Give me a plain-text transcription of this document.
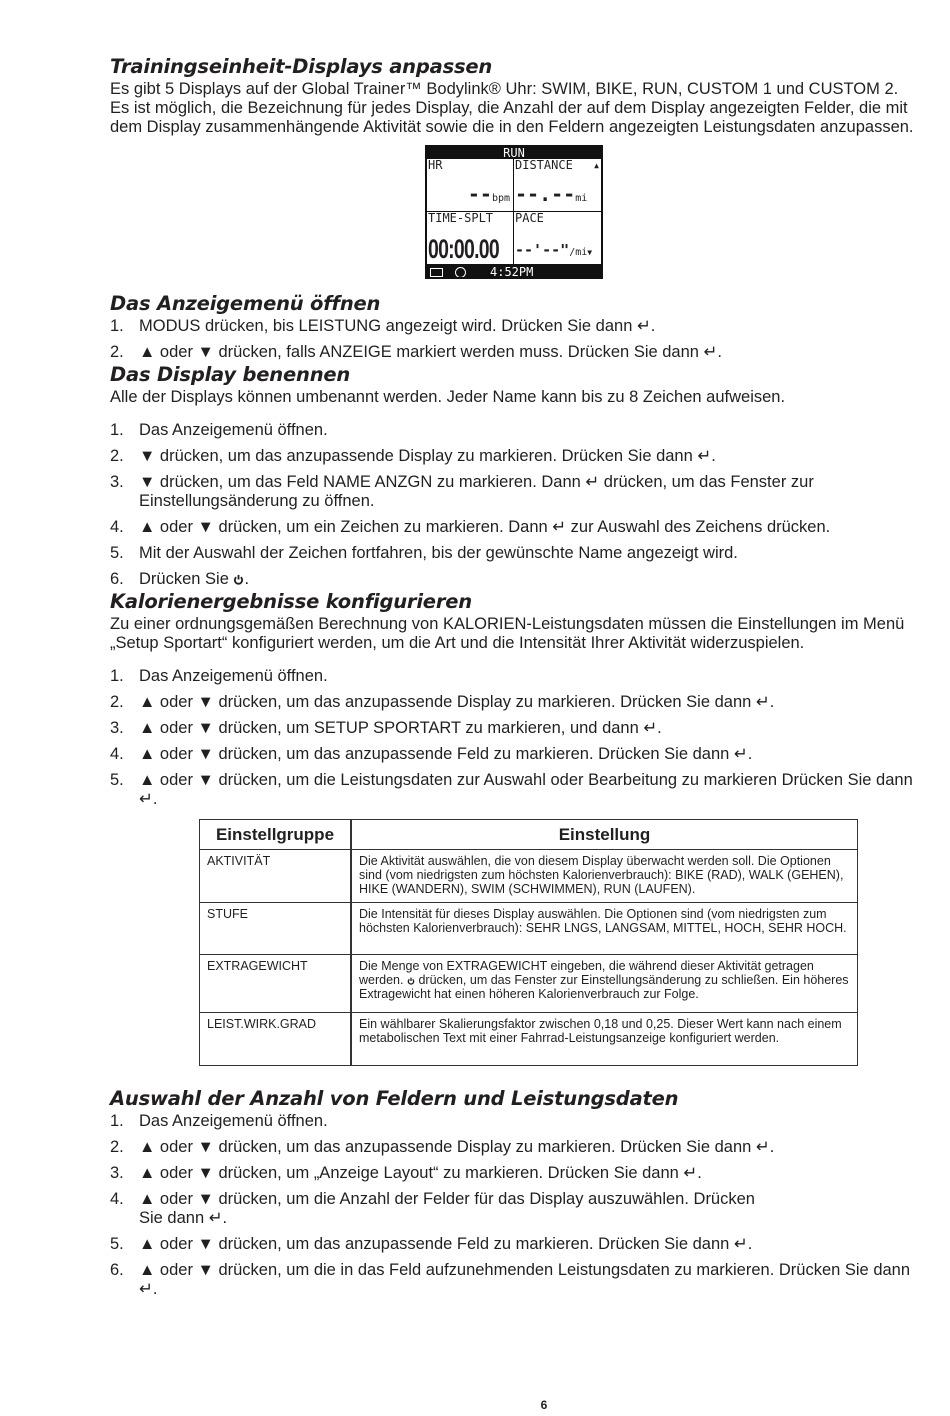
Trainingseinheit-Displays anpassen

Es gibt 5 Displays auf der Global Trainer™ Bodylink® Uhr: SWIM, BIKE, RUN, CUSTOM 1 und CUSTOM 2. Es ist möglich, die Bezeichnung für jedes Display, die Anzahl der auf dem Display angezeigten Felder, die mit dem Display zusammenhängende Aktivität sowie die in den Feldern angezeigten Leistungsdaten anzupassen.

RUN
HR
--bpm
DISTANCE	▲
--.--mi
TIME-SPLT
00:00.00
PACE
--'--"/mi▼
4:52PM
Das Anzeigemenü öffnen
1. MODUS drücken, bis LEISTUNG angezeigt wird. Drücken Sie dann ↵.
2. ▲ oder ▼ drücken, falls ANZEIGE markiert werden muss. Drücken Sie dann ↵.
Das Display benennen

Alle der Displays können umbenannt werden. Jeder Name kann bis zu 8 Zeichen aufweisen.

1. Das Anzeigemenü öffnen.
2. ▼ drücken, um das anzupassende Display zu markieren. Drücken Sie dann ↵.
3. ▼ drücken, um das Feld NAME ANZGN zu markieren. Dann ↵ drücken, um das Fenster zur Einstellungsänderung zu öffnen.
4. ▲ oder ▼ drücken, um ein Zeichen zu markieren. Dann ↵ zur Auswahl des Zeichens drücken.
5. Mit der Auswahl der Zeichen fortfahren, bis der gewünschte Name angezeigt wird.
6. Drücken Sie .
Kalorienergebnisse konfigurieren

Zu einer ordnungsgemäßen Berechnung von KALORIEN-Leistungsdaten müssen die Einstellungen im Menü „Setup Sportart“ konfiguriert werden, um die Art und die Intensität Ihrer Aktivität widerzuspielen.

1. Das Anzeigemenü öffnen.
2. ▲ oder ▼ drücken, um das anzupassende Display zu markieren. Drücken Sie dann ↵.
3. ▲ oder ▼ drücken, um SETUP SPORTART zu markieren, und dann ↵.
4. ▲ oder ▼ drücken, um das anzupassende Feld zu markieren. Drücken Sie dann ↵.
5. ▲ oder ▼ drücken, um die Leistungsdaten zur Auswahl oder Bearbeitung zu markieren Drücken Sie dann ↵.
Einstellgruppe	Einstellung
AKTIVITÄT	Die Aktivität auswählen, die von diesem Display überwacht werden soll. Die Optionen sind (vom niedrigsten zum höchsten Kalorienverbrauch): BIKE (RAD), WALK (GEHEN), HIKE (WANDERN), SWIM (SCHWIMMEN), RUN (LAUFEN).
STUFE	Die Intensität für dieses Display auswählen. Die Optionen sind (vom niedrigsten zum höchsten Kalorienverbrauch): SEHR LNGS, LANGSAM, MITTEL, HOCH, SEHR HOCH.
EXTRAGEWICHT	Die Menge von EXTRAGEWICHT eingeben, die während dieser Aktivität getragen werden. drücken, um das Fenster zur Einstellungsänderung zu schließen. Ein höheres Extragewicht hat einen höheren Kalorienverbrauch zur Folge.
LEIST.WIRK.GRAD	Ein wählbarer Skalierungsfaktor zwischen 0,18 und 0,25. Dieser Wert kann nach einem metabolischen Text mit einer Fahrrad-Leistungsanzeige konfiguriert werden.
Auswahl der Anzahl von Feldern und Leistungsdaten
1. Das Anzeigemenü öffnen.
2. ▲ oder ▼ drücken, um das anzupassende Display zu markieren. Drücken Sie dann ↵.
3. ▲ oder ▼ drücken, um „Anzeige Layout“ zu markieren. Drücken Sie dann ↵.
4. ▲ oder ▼ drücken, um die Anzahl der Felder für das Display auszuwählen. Drücken Sie dann ↵.
5. ▲ oder ▼ drücken, um das anzupassende Feld zu markieren. Drücken Sie dann ↵.
6. ▲ oder ▼ drücken, um die in das Feld aufzunehmenden Leistungsdaten zu markieren. Drücken Sie dann ↵.
6
